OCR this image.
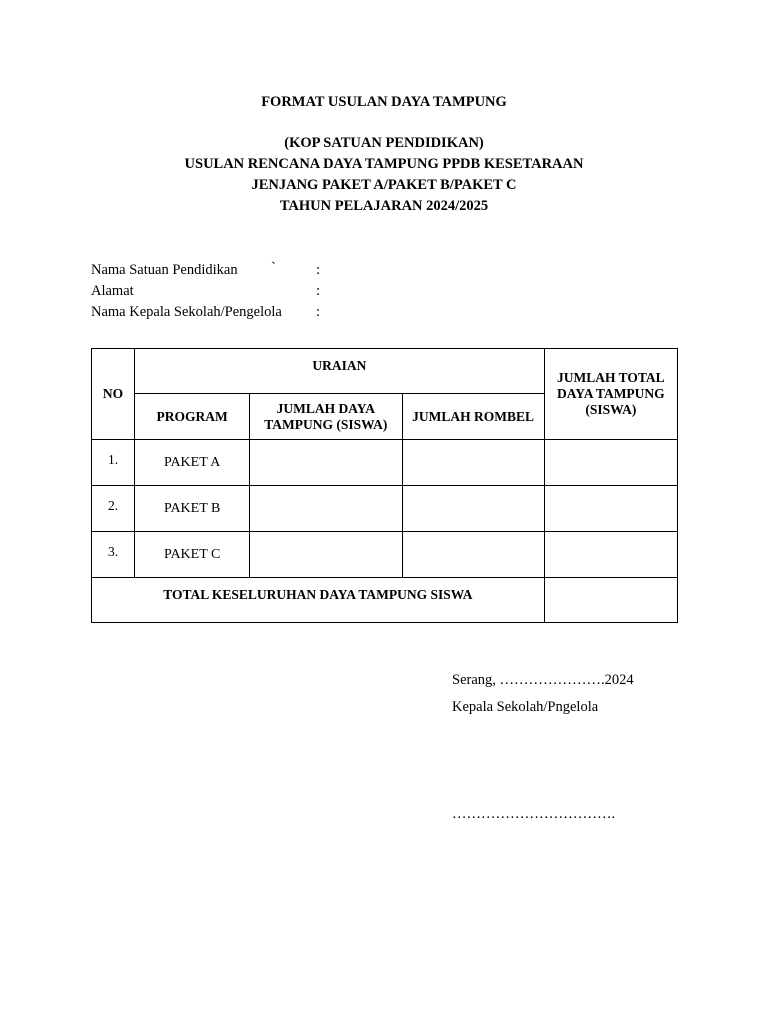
FORMAT USULAN DAYA TAMPUNG
(KOP SATUAN PENDIDIKAN)
USULAN RENCANA DAYA TAMPUNG PPDB KESETARAAN
JENJANG PAKET A/PAKET B/PAKET C
TAHUN PELAJARAN 2024/2025
Nama Satuan Pendidikan `	:
Alamat	:
Nama Kepala Sekolah/Pengelola :
NO	URAIAN			JUMLAH TOTAL DAYA TAMPUNG (SISWA)
	PROGRAM	JUMLAH DAYA TAMPUNG (SISWA)	JUMLAH ROMBEL	
1.	PAKET A			
2.	PAKET B			
3.	PAKET C			
TOTAL KESELURUHAN DAYA TAMPUNG SISWA				
Serang, ………………….2024
Kepala Sekolah/Pngelola
…………………………….
